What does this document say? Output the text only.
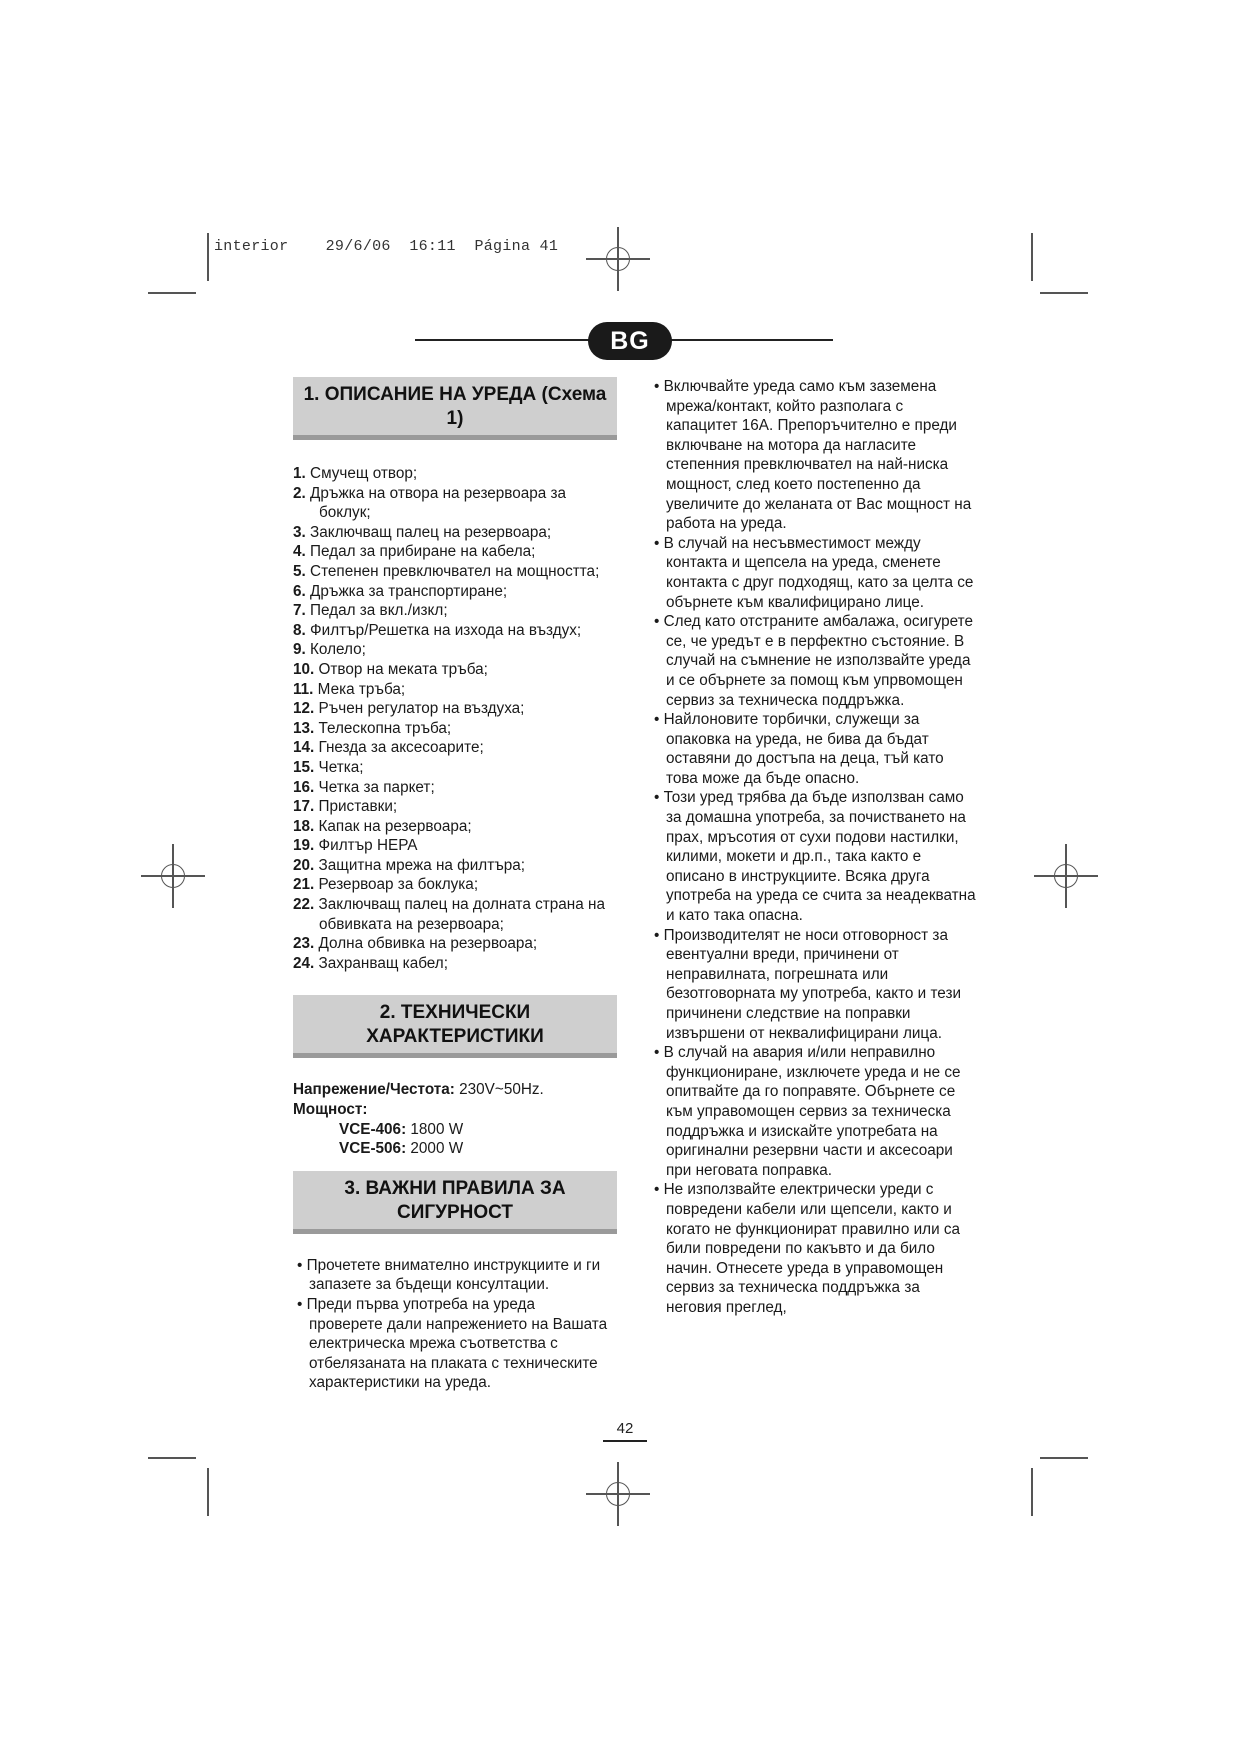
interior    29/6/06  16:11  Página 41
BG
1. ОПИСАНИЕ НА УРЕДА (Схема 1)
1. Смучещ отвор;
2. Дръжка на отвора на резервоара за боклук;
3. Заключващ палец на резервоара;
4. Педал за прибиране на кабела;
5. Степенен превключвател на мощността;
6. Дръжка за транспортиране;
7. Педал за вкл./изкл;
8. Филтър/Решетка на изхода на въздух;
9. Колело;
10. Отвор на меката тръба;
11. Мека тръба;
12. Ръчен регулатор на въздуха;
13. Телескопна тръба;
14. Гнезда за аксесоарите;
15. Четка;
16. Четка за паркет;
17. Приставки;
18. Капак на резервоара;
19. Филтър HEPA
20. Защитна мрежа на филтъра;
21. Резервоар за боклука;
22. Заключващ палец на долната страна на обвивката на резервоара;
23. Долна обвивка на резервоара;
24. Захранващ кабел;
2. ТЕХНИЧЕСКИ ХАРАКТЕРИСТИКИ
Напрежение/Честота: 230V~50Hz.
Мощност:
VCE-406: 1800 W
VCE-506: 2000 W
3. ВАЖНИ ПРАВИЛА ЗА
СИГУРНОСТ
• Прочетете внимателно инструкциите и ги запазете за бъдещи консултации.
• Преди първа употреба на уреда проверете дали напрежението на Вашата електрическа мрежа съответства с отбелязаната на плаката с техническите характеристики на уреда.
• Включвайте уреда само към заземена мрежа/контакт, който разполага с капацитет 16A. Препоръчително е преди включване на мотора да нагласите степенния превключвател на най-ниска мощност, след което постепенно да увеличите до желаната от Вас мощност на работа на уреда.
• В случай на несъвместимост между контакта и щепсела на уреда, сменете контакта с друг подходящ, като за целта се обърнете към квалифицирано лице.
• След като отстраните амбалажа, осигурете се, че уредът е в перфектно състояние. В случай на съмнение не използвайте уреда и се обърнете за помощ към упрвомощен сервиз за техническа поддръжка.
• Найлоновите торбички, служещи за опаковка на уреда, не бива да бъдат оставяни до достъпа на деца, тъй като това може да бъде опасно.
• Този уред трябва да бъде използван само за домашна употреба, за почистването на прах, мръсотия от сухи подови настилки, килими, мокети и др.п., така както е описано в инструкциите. Всяка друга употреба на уреда се счита за неадекватна и като така опасна.
• Производителят не носи отговорност за евентуални вреди, причинени от неправилната, погрешната или безотговорната му употреба, както и тези причинени следствие на поправки извършени от неквалифицирани лица.
• В случай на авария и/или неправилно функциониране, изключете уреда и не се опитвайте да го поправяте. Обърнете се към управомощен сервиз за техническа поддръжка и изискайте употребата на оригинални резервни части и аксесоари при неговата поправка.
• Не използвайте електрически уреди с повредени кабели или щепсели, както и когато не функционират правилно или са били повредени по какъвто и да било начин. Отнесете уреда в управомощен сервиз за техническа поддръжка за неговия преглед,
42
